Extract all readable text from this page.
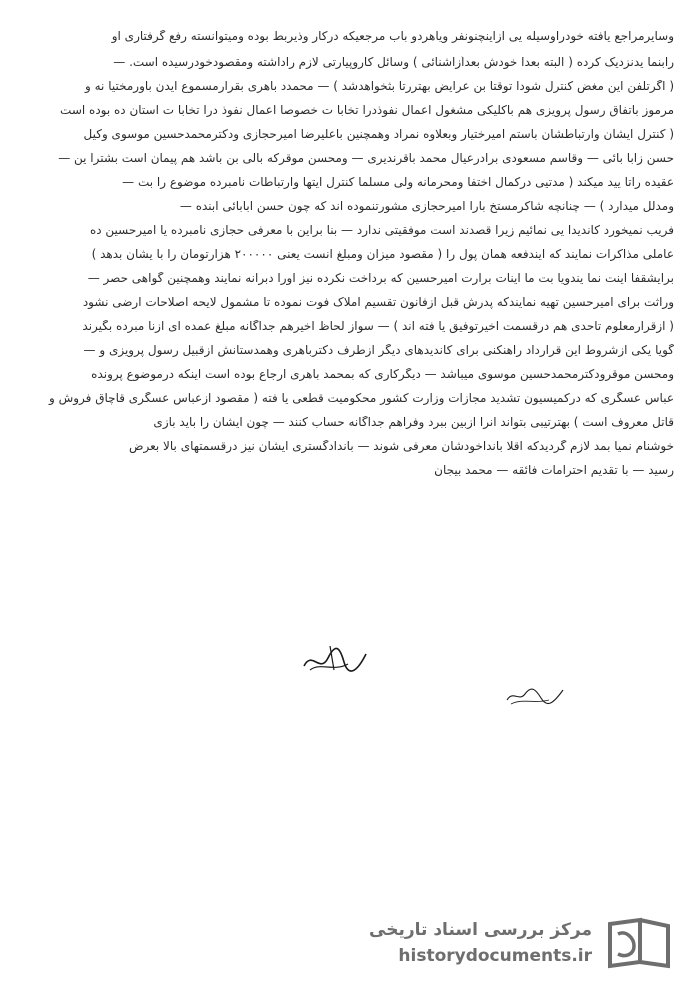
وسایرمراجع یافته خودراوسیله یی ازاینچنونفر ویاهردو باب مرجعیکه درکار وذیربط بوده ومیتوانسته رفع گرفتاری او
رابنما یدنزدیک کرده ( البته بعدا خودش بعداًزاشنائی ) وسائل کاروپیارتی لازم راداشته ومقصودخودرسیده است. —
( اگرتلفن این مغض کنترل شودا توقتا بن عرایض بهتررتا بثخواهدشد ) — محمدد باهری بقرارمسموع ایدن باورمختیا نه و
مرموز باتفاق رسول پرویزی هم باکلیکی مشغول اعمال نفوذدرا تخابا ت خصوصا اعمال نفوذ درا تخابا ت استان ده بوده است
( کنترل ایشان وارتباطشان باستم امیرختیار وبعلاوه نمراد وهمچنین باعلیرضا امیرحجازی ودکترمحمدحسین موسوی وکیل
حسن زابا بائی — وقاسم مسعودی برادرعیال محمد باقرندیری — ومحسن موقرکه بالی بن باشد هم پیمان است بشترا ین —
عقیده راتا یید میکند ( مدتیی درکمال اختفا ومحرمانه ولی مسلما کنترل ایتها وارتباطات نامبرده موضوع را بت —
ومدلل میدارد ) — چنانچه شاکرمستخ بارا امیرحجازی مشورتنموده اند که چون حسن ابابائی ابنده —
فریب نمیخورد کاندیدا یی نمائیم زیرا قصدند است موفقیتی ندارد — بنا براین با معرفی حجازی نامبرده یا امیرحسین ده
عاملی مذاکرات نمایند که ایندفعه همان پول را ( مقصود میزان ومبلغ انست یعنی ۲۰۰۰۰۰ هزارتومان را با یشان بدهد )
برایشقفا اینت نما یندویا بت ما اینات برارت امیرحسین که برداخت نکرده نیز اورا دبرانه نمایند وهمچنین گواهی حصر —
وراثت برای امیرحسین تهیه نمایندکه پدرش قبل ازفانون تقسیم املاک فوت نموده تا مشمول لایحه اصلاحات ارضی نشود
( ازقرارمعلوم تاحدی هم درقسمت اخیرتوفیق یا فته اند ) — سواز لحاظ اخیرهم جداگانه مبلغ عمده ای ازنا مبرده بگیرند
گویا یکی ازشروط این قرارداد راهنکنی برای کاندیدهای دیگر ازطرف دکترباهری وهمدستانش ازقبیل رسول پرویزی و —
ومحسن موقرودکترمحمدحسین موسوی میباشد — دیگرکاری که بمحمد باهری ارجاع بوده است اینکه درموضوع پرونده
عباس عسگری که درکمیسیون تشدید مجازات وزارت کشور محکومیت قطعی یا فته ( مقصود ازعباس عسگری قاچاق فروش و
قاتل معروف است ) بهترتیبی بتواند انرا ازبین ببرد وفراهم جداگانه حساب کنند — چون ایشان را باید بازی
خوشنام نمیا بمد لازم گردیدکه اقلا بانداخودشان معرفی شوند — باندادگستری ایشان نیز درقسمتهای بالا بعرض
رسید — با تقدیم احترامات فائقه — محمد بیجان
مرکز بررسی اسناد تاریخی
historydocuments.ir
